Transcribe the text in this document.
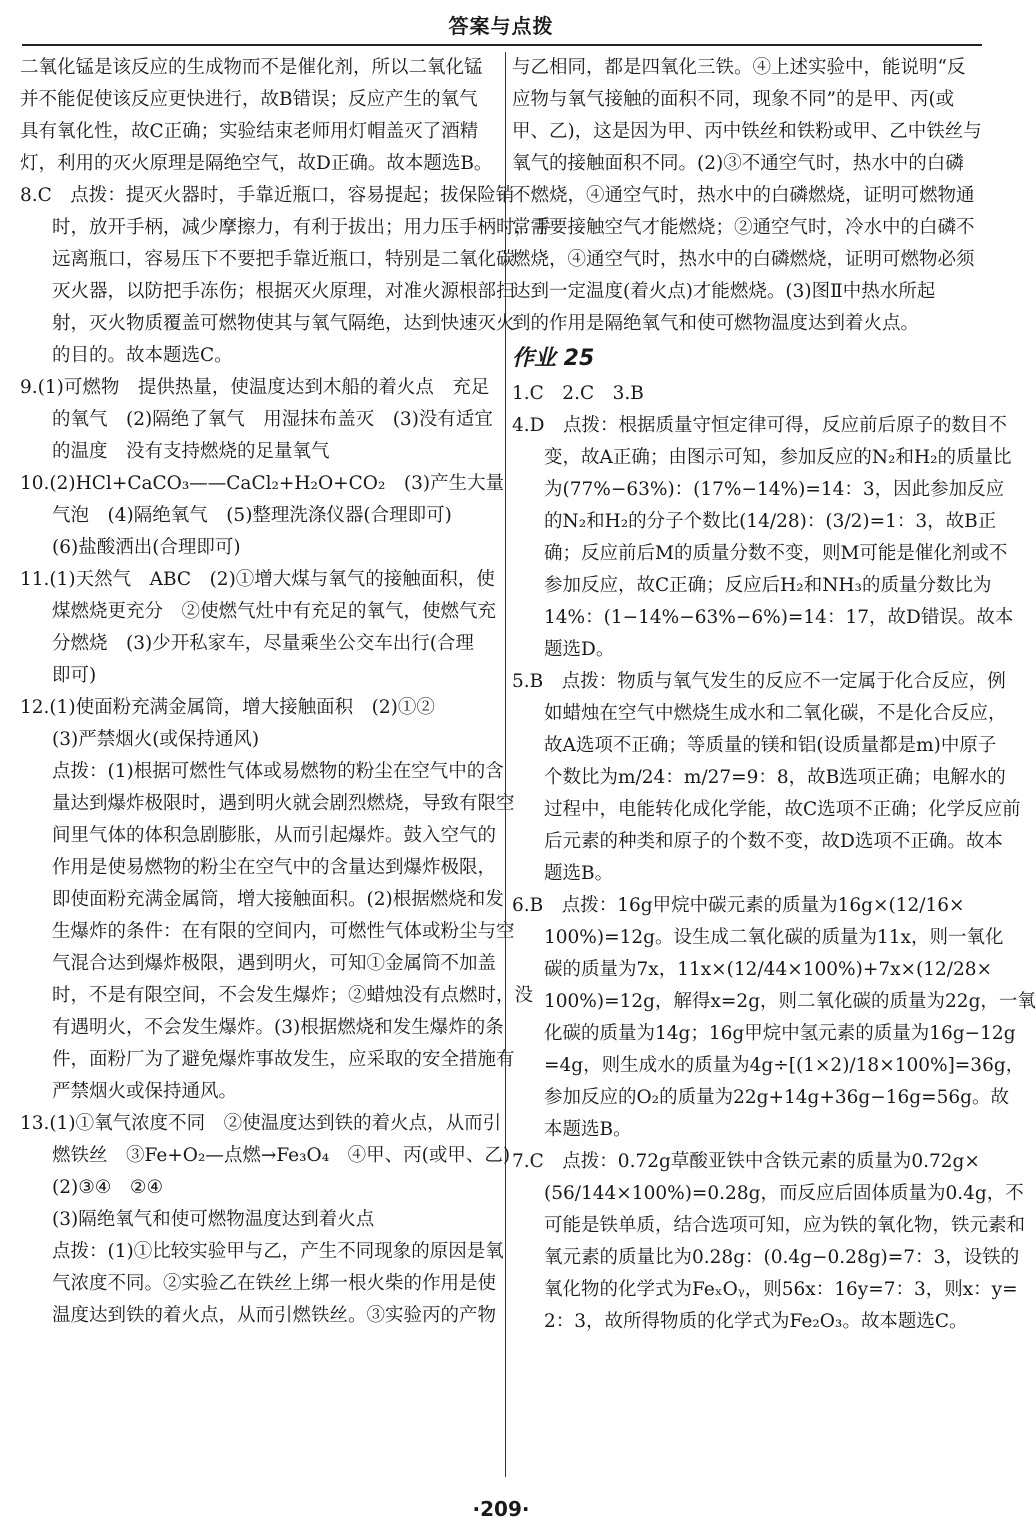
答案与点拨
二氧化锰是该反应的生成物而不是催化剂，所以二氧化锰
并不能促使该反应更快进行，故B错误；反应产生的氧气
具有氧化性，故C正确；实验结束老师用灯帽盖灭了酒精
灯，利用的灭火原理是隔绝空气，故D正确。故本题选B。
8.C　点拨：提灭火器时，手靠近瓶口，容易提起；拔保险销
时，放开手柄，减少摩擦力，有利于拔出；用力压手柄时，手
远离瓶口，容易压下不要把手靠近瓶口，特别是二氧化碳
灭火器，以防把手冻伤；根据灭火原理，对准火源根部扫
射，灭火物质覆盖可燃物使其与氧气隔绝，达到快速灭火
的目的。故本题选C。
9.(1)可燃物　提供热量，使温度达到木船的着火点　充足
的氧气　(2)隔绝了氧气　用湿抹布盖灭　(3)没有适宜
的温度　没有支持燃烧的足量氧气
10.(2)HCl+CaCO₃——CaCl₂+H₂O+CO₂　(3)产生大量
气泡　(4)隔绝氧气　(5)整理洗涤仪器(合理即可)
(6)盐酸洒出(合理即可)
11.(1)天然气　ABC　(2)①增大煤与氧气的接触面积，使
煤燃烧更充分　②使燃气灶中有充足的氧气，使燃气充
分燃烧　(3)少开私家车，尽量乘坐公交车出行(合理
即可)
12.(1)使面粉充满金属筒，增大接触面积　(2)①②
(3)严禁烟火(或保持通风)
点拨：(1)根据可燃性气体或易燃物的粉尘在空气中的含
量达到爆炸极限时，遇到明火就会剧烈燃烧，导致有限空
间里气体的体积急剧膨胀，从而引起爆炸。鼓入空气的
作用是使易燃物的粉尘在空气中的含量达到爆炸极限，
即使面粉充满金属筒，增大接触面积。(2)根据燃烧和发
生爆炸的条件：在有限的空间内，可燃性气体或粉尘与空
气混合达到爆炸极限，遇到明火，可知①金属筒不加盖
时，不是有限空间，不会发生爆炸；②蜡烛没有点燃时，没
有遇明火，不会发生爆炸。(3)根据燃烧和发生爆炸的条
件，面粉厂为了避免爆炸事故发生，应采取的安全措施有
严禁烟火或保持通风。
13.(1)①氧气浓度不同　②使温度达到铁的着火点，从而引
燃铁丝　③Fe+O₂—点燃→Fe₃O₄　④甲、丙(或甲、乙)
(2)③④　②④
(3)隔绝氧气和使可燃物温度达到着火点
点拨：(1)①比较实验甲与乙，产生不同现象的原因是氧
气浓度不同。②实验乙在铁丝上绑一根火柴的作用是使
温度达到铁的着火点，从而引燃铁丝。③实验丙的产物
与乙相同，都是四氧化三铁。④上述实验中，能说明“反
应物与氧气接触的面积不同，现象不同”的是甲、丙(或
甲、乙)，这是因为甲、丙中铁丝和铁粉或甲、乙中铁丝与
氧气的接触面积不同。(2)③不通空气时，热水中的白磷
不燃烧，④通空气时，热水中的白磷燃烧，证明可燃物通
常需要接触空气才能燃烧；②通空气时，冷水中的白磷不
燃烧，④通空气时，热水中的白磷燃烧，证明可燃物必须
达到一定温度(着火点)才能燃烧。(3)图Ⅱ中热水所起
到的作用是隔绝氧气和使可燃物温度达到着火点。
作业 25
1.C　2.C　3.B
4.D　点拨：根据质量守恒定律可得，反应前后原子的数目不
变，故A正确；由图示可知，参加反应的N₂和H₂的质量比
为(77%−63%)：(17%−14%)=14：3，因此参加反应
的N₂和H₂的分子个数比(14/28)：(3/2)=1：3，故B正
确；反应前后M的质量分数不变，则M可能是催化剂或不
参加反应，故C正确；反应后H₂和NH₃的质量分数比为
14%：(1−14%−63%−6%)=14：17，故D错误。故本
题选D。
5.B　点拨：物质与氧气发生的反应不一定属于化合反应，例
如蜡烛在空气中燃烧生成水和二氧化碳，不是化合反应，
故A选项不正确；等质量的镁和铝(设质量都是m)中原子
个数比为m/24：m/27=9：8，故B选项正确；电解水的
过程中，电能转化成化学能，故C选项不正确；化学反应前
后元素的种类和原子的个数不变，故D选项不正确。故本
题选B。
6.B　点拨：16g甲烷中碳元素的质量为16g×(12/16×
100%)=12g。设生成二氧化碳的质量为11x，则一氧化
碳的质量为7x，11x×(12/44×100%)+7x×(12/28×
100%)=12g，解得x=2g，则二氧化碳的质量为22g，一氧
化碳的质量为14g；16g甲烷中氢元素的质量为16g−12g
=4g，则生成水的质量为4g÷[(1×2)/18×100%]=36g，
参加反应的O₂的质量为22g+14g+36g−16g=56g。故
本题选B。
7.C　点拨：0.72g草酸亚铁中含铁元素的质量为0.72g×
(56/144×100%)=0.28g，而反应后固体质量为0.4g，不
可能是铁单质，结合选项可知，应为铁的氧化物，铁元素和
氧元素的质量比为0.28g：(0.4g−0.28g)=7：3，设铁的
氧化物的化学式为FeₓOᵧ，则56x：16y=7：3，则x：y=
2：3，故所得物质的化学式为Fe₂O₃。故本题选C。
·209·
